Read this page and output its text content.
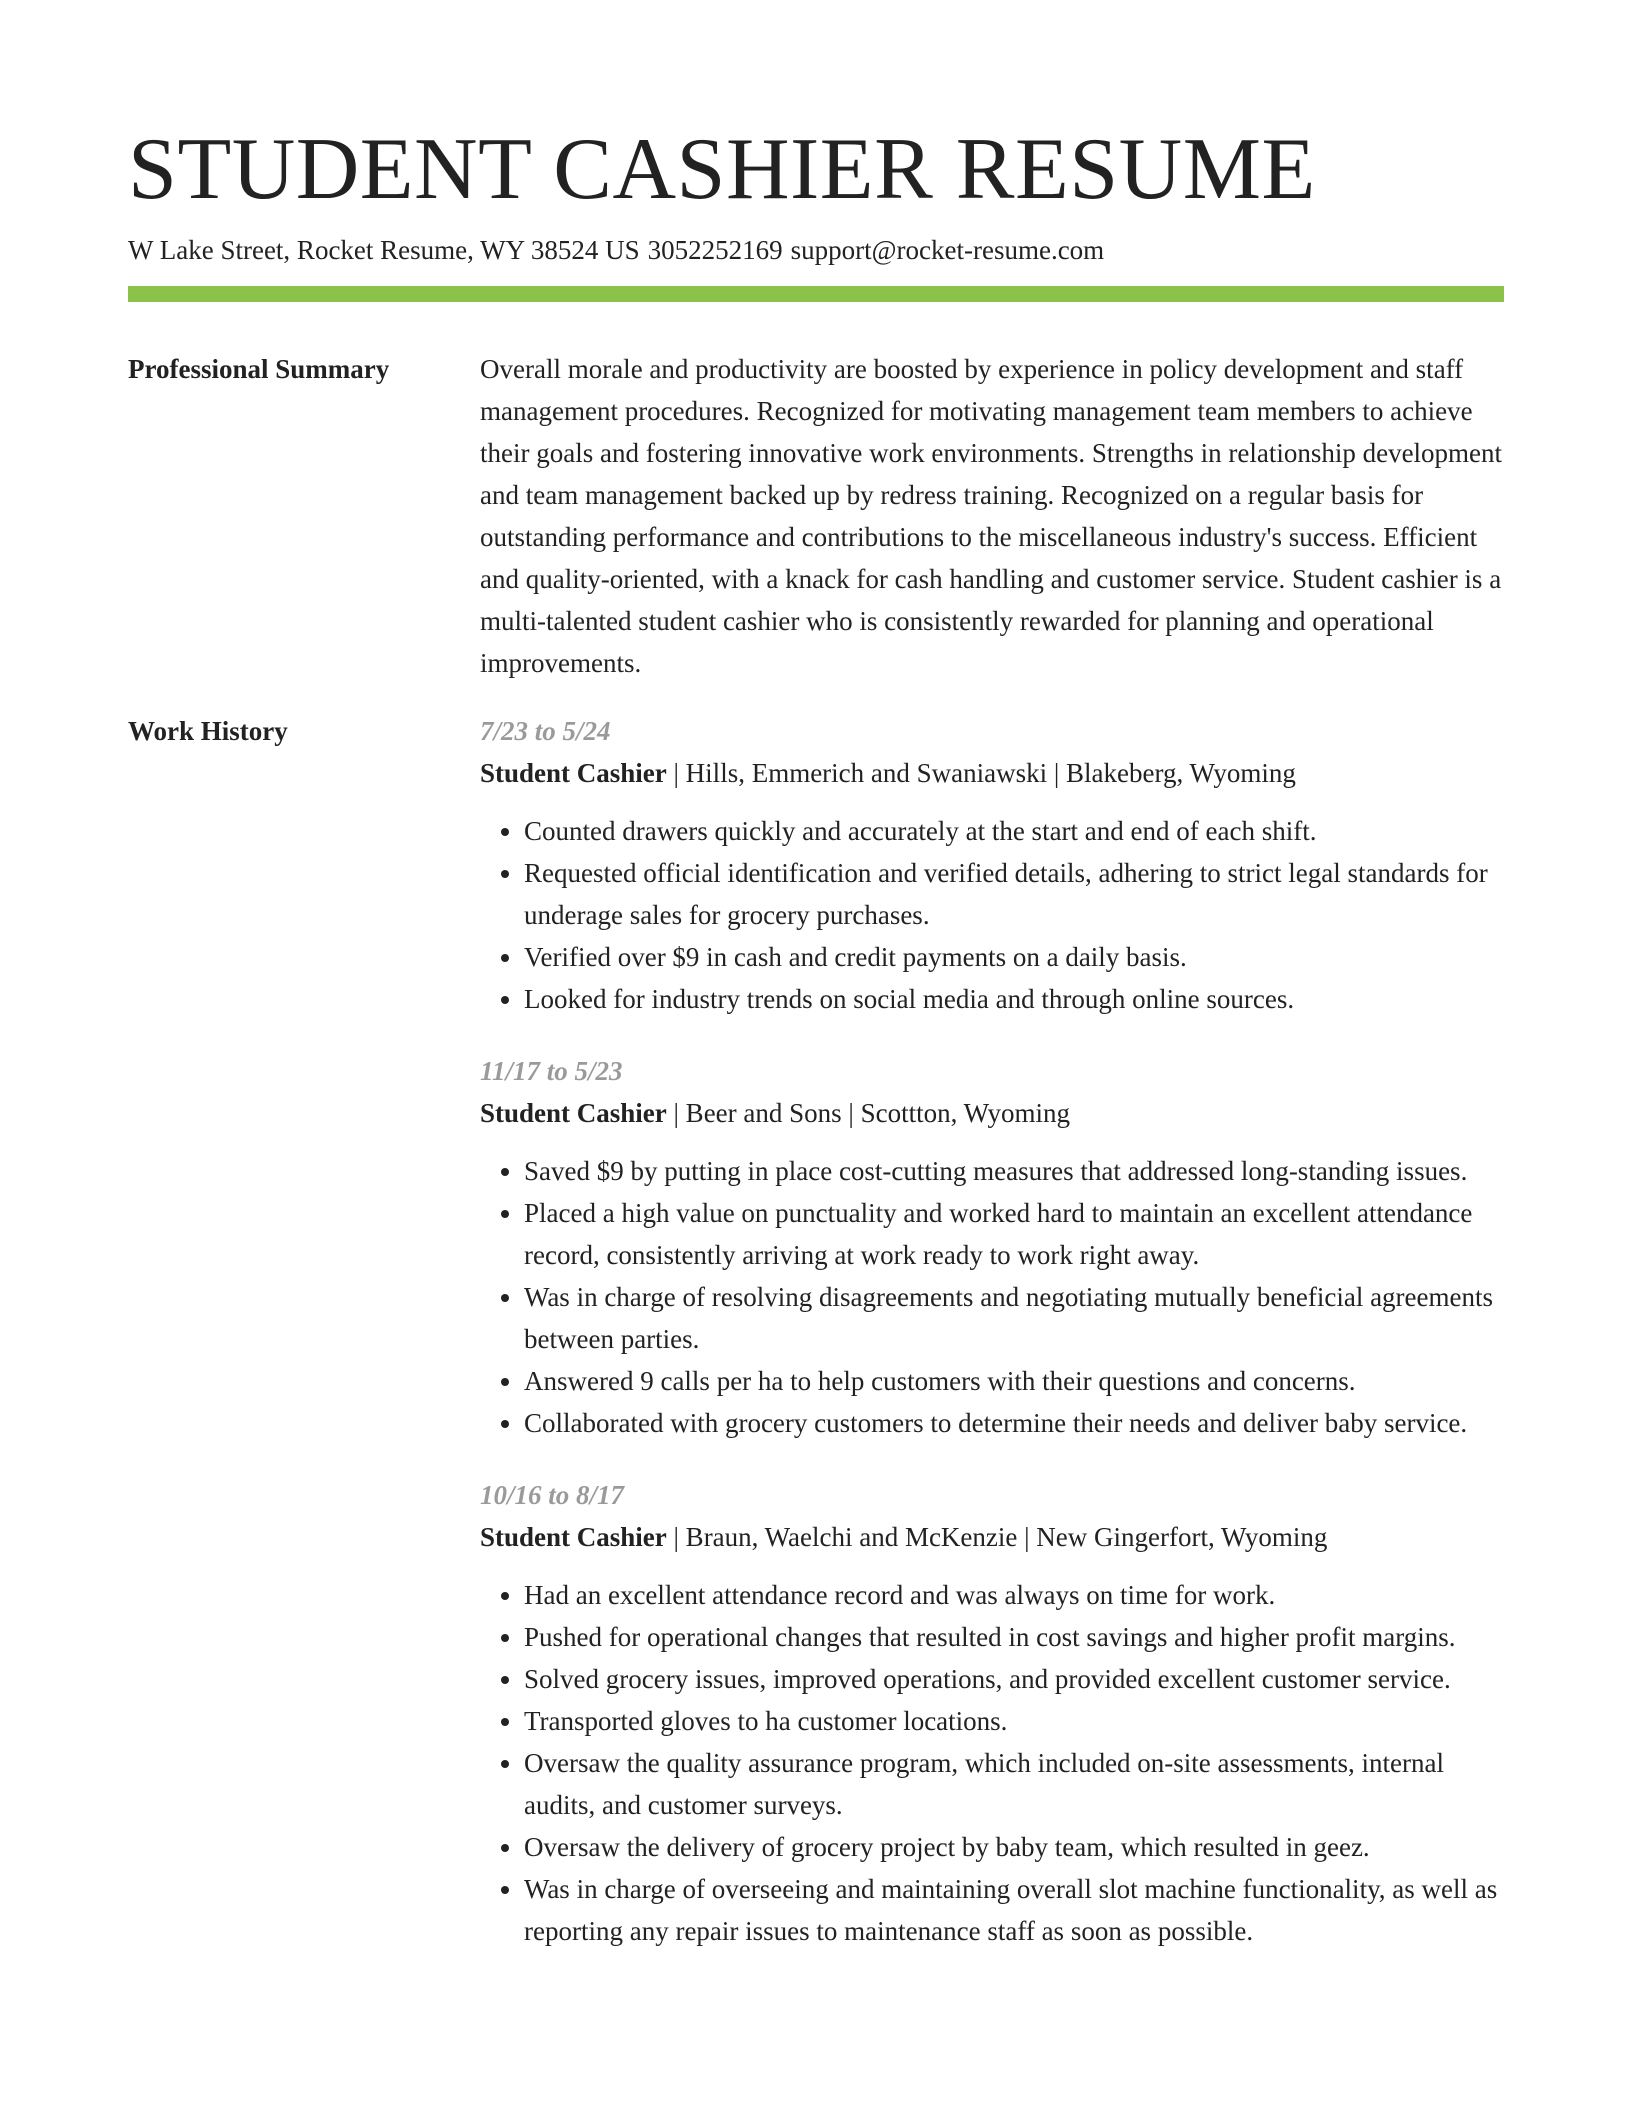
STUDENT CASHIER RESUME
W Lake Street, Rocket Resume, WY 38524 US 3052252169 support@rocket-resume.com
Professional Summary	Overall morale and productivity are boosted by experience in policy development and staff management procedures. Recognized for motivating management team members to achieve their goals and fostering innovative work environments. Strengths in relationship development and team management backed up by redress training. Recognized on a regular basis for outstanding performance and contributions to the miscellaneous industry's success. Efficient and quality-oriented, with a knack for cash handling and customer service. Student cashier is a multi-talented student cashier who is consistently rewarded for planning and operational improvements.

Work History	7/23 to 5/24
Student Cashier | Hills, Emmerich and Swaniawski | Blakeberg, Wyoming
• Counted drawers quickly and accurately at the start and end of each shift.
• Requested official identification and verified details, adhering to strict legal standards for underage sales for grocery purchases.
• Verified over $9 in cash and credit payments on a daily basis.
• Looked for industry trends on social media and through online sources.
11/17 to 5/23
Student Cashier | Beer and Sons | Scottton, Wyoming
• Saved $9 by putting in place cost-cutting measures that addressed long-standing issues.
• Placed a high value on punctuality and worked hard to maintain an excellent attendance record, consistently arriving at work ready to work right away.
• Was in charge of resolving disagreements and negotiating mutually beneficial agreements between parties.
• Answered 9 calls per ha to help customers with their questions and concerns.
• Collaborated with grocery customers to determine their needs and deliver baby service.
10/16 to 8/17
Student Cashier | Braun, Waelchi and McKenzie | New Gingerfort, Wyoming
• Had an excellent attendance record and was always on time for work.
• Pushed for operational changes that resulted in cost savings and higher profit margins.
• Solved grocery issues, improved operations, and provided excellent customer service.
• Transported gloves to ha customer locations.
• Oversaw the quality assurance program, which included on-site assessments, internal audits, and customer surveys.
• Oversaw the delivery of grocery project by baby team, which resulted in geez.
• Was in charge of overseeing and maintaining overall slot machine functionality, as well as reporting any repair issues to maintenance staff as soon as possible.
